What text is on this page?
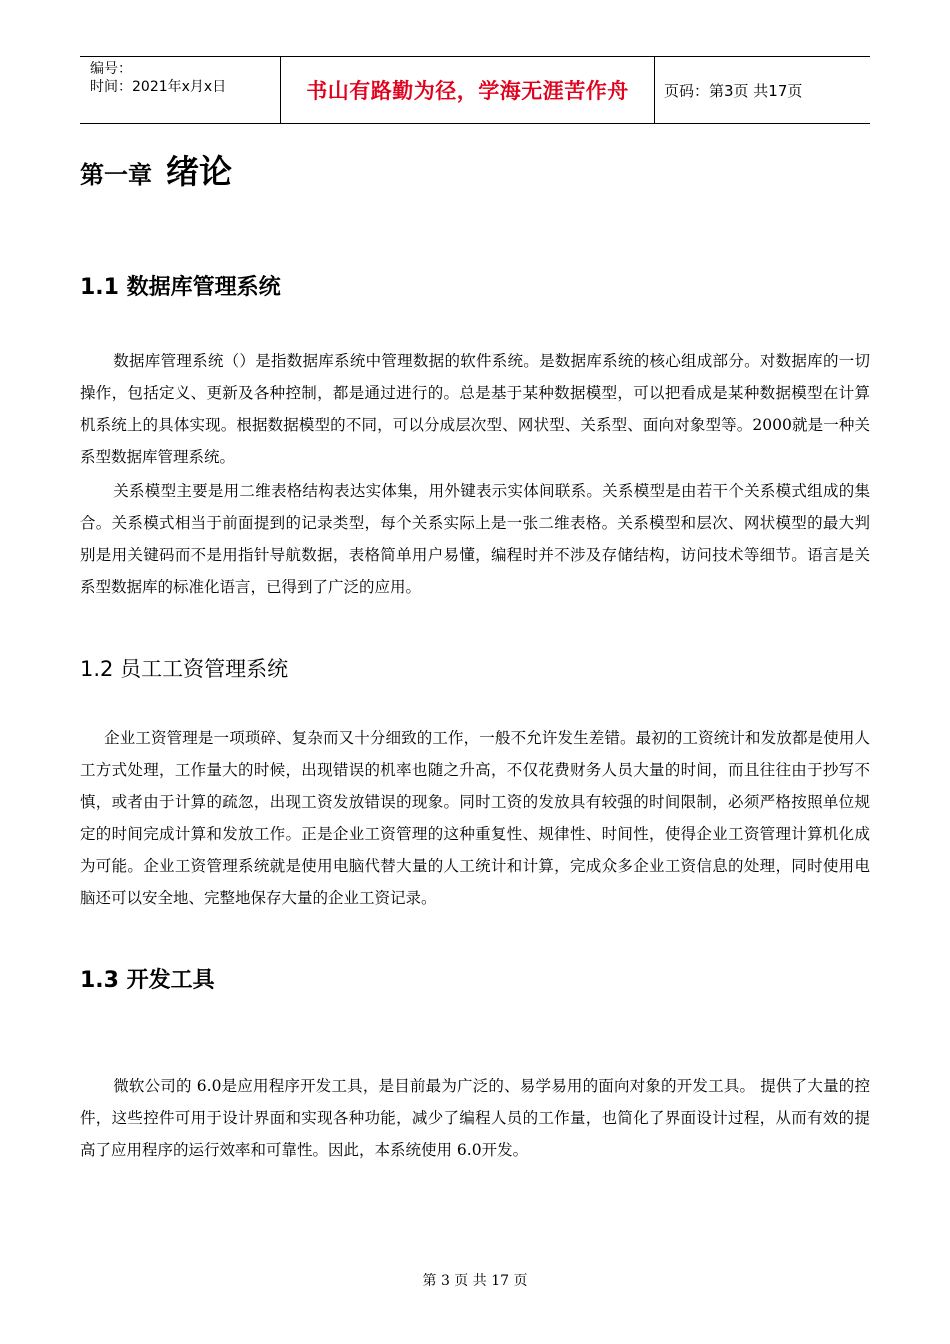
编号：
时间：2021年x月x日	书山有路勤为径，学海无涯苦作舟 页码：第3页 共17页
第一章 绪论
1.1 数据库管理系统

数据库管理系统（）是指数据库系统中管理数据的软件系统。是数据库系统的核心组成部分。对数据库的一切操作，包括定义、更新及各种控制，都是通过进行的。总是基于某种数据模型，可以把看成是某种数据模型在计算机系统上的具体实现。根据数据模型的不同，可以分成层次型、网状型、关系型、面向对象型等。2000就是一种关系型数据库管理系统。

关系模型主要是用二维表格结构表达实体集，用外键表示实体间联系。关系模型是由若干个关系模式组成的集合。关系模式相当于前面提到的记录类型，每个关系实际上是一张二维表格。关系模型和层次、网状模型的最大判别是用关键码而不是用指针导航数据，表格简单用户易懂，编程时并不涉及存储结构，访问技术等细节。语言是关系型数据库的标准化语言，已得到了广泛的应用。

1.2 员工工资管理系统

企业工资管理是一项琐碎、复杂而又十分细致的工作，一般不允许发生差错。最初的工资统计和发放都是使用人工方式处理，工作量大的时候，出现错误的机率也随之升高，不仅花费财务人员大量的时间，而且往往由于抄写不慎，或者由于计算的疏忽，出现工资发放错误的现象。同时工资的发放具有较强的时间限制，必须严格按照单位规定的时间完成计算和发放工作。正是企业工资管理的这种重复性、规律性、时间性，使得企业工资管理计算机化成为可能。企业工资管理系统就是使用电脑代替大量的人工统计和计算，完成众多企业工资信息的处理，同时使用电脑还可以安全地、完整地保存大量的企业工资记录。

1.3 开发工具

微软公司的 6.0是应用程序开发工具，是目前最为广泛的、易学易用的面向对象的开发工具。 提供了大量的控件，这些控件可用于设计界面和实现各种功能，减少了编程人员的工作量，也简化了界面设计过程，从而有效的提高了应用程序的运行效率和可靠性。因此，本系统使用 6.0开发。

第 3 页 共 17 页
